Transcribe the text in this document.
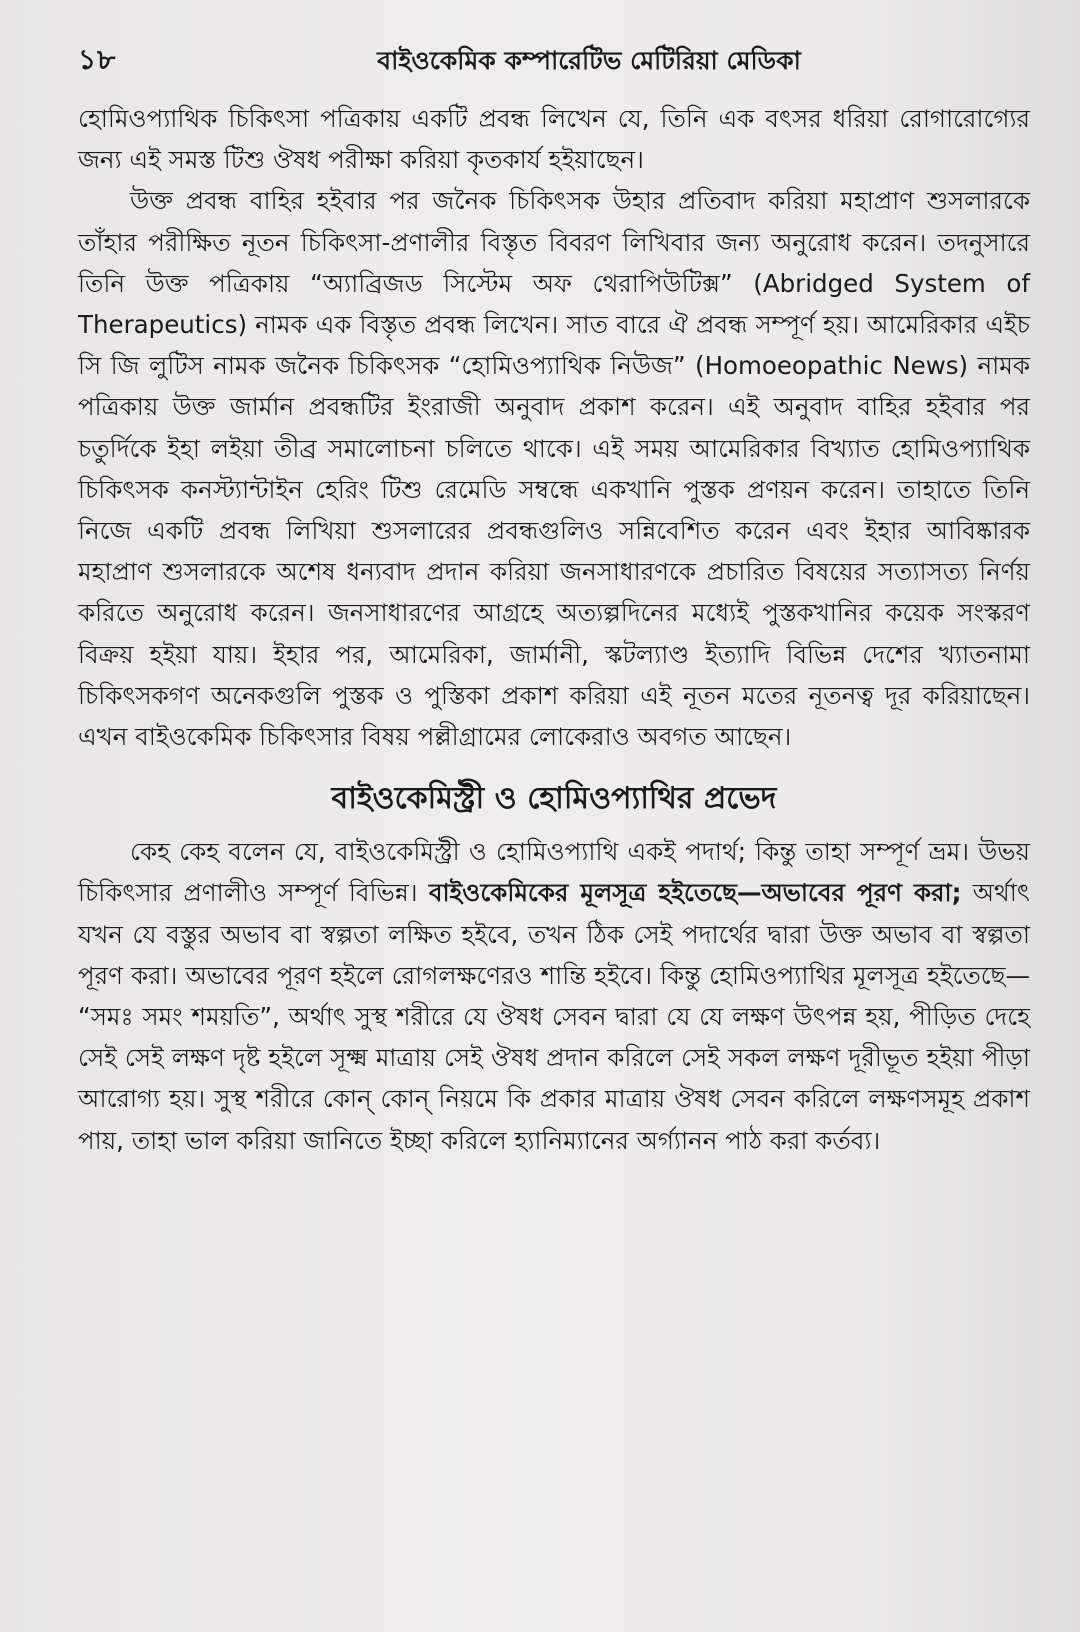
১৮	বাইওকেমিক কম্পারেটিভ মেটিরিয়া মেডিকা

হোমিওপ্যাথিক চিকিৎসা পত্রিকায় একটি প্রবন্ধ লিখেন যে, তিনি এক বৎসর ধরিয়া রোগারোগ্যের জন্য এই সমস্ত টিশু ঔষধ পরীক্ষা করিয়া কৃতকার্য হইয়াছেন।

উক্ত প্রবন্ধ বাহির হইবার পর জনৈক চিকিৎসক উহার প্রতিবাদ করিয়া মহাপ্রাণ শুসলারকে তাঁহার পরীক্ষিত নূতন চিকিৎসা-প্রণালীর বিস্তৃত বিবরণ লিখিবার জন্য অনুরোধ করেন। তদনুসারে তিনি উক্ত পত্রিকায় “অ্যাব্রিজড সিস্টেম অফ থেরাপিউটিক্স” (Abridged System of Therapeutics) নামক এক বিস্তৃত প্রবন্ধ লিখেন। সাত বারে ঐ প্রবন্ধ সম্পূর্ণ হয়। আমেরিকার এইচ সি জি লুটিস নামক জনৈক চিকিৎসক “হোমিওপ্যাথিক নিউজ” (Homoeopathic News) নামক পত্রিকায় উক্ত জার্মান প্রবন্ধটির ইংরাজী অনুবাদ প্রকাশ করেন। এই অনুবাদ বাহির হইবার পর চতুর্দিকে ইহা লইয়া তীব্র সমালোচনা চলিতে থাকে। এই সময় আমেরিকার বিখ্যাত হোমিওপ্যাথিক চিকিৎসক কনস্ট্যান্টাইন হেরিং টিশু রেমেডি সম্বন্ধে একখানি পুস্তক প্রণয়ন করেন। তাহাতে তিনি নিজে একটি প্রবন্ধ লিখিয়া শুসলারের প্রবন্ধগুলিও সন্নিবেশিত করেন এবং ইহার আবিষ্কারক মহাপ্রাণ শুসলারকে অশেষ ধন্যবাদ প্রদান করিয়া জনসাধারণকে প্রচারিত বিষয়ের সত্যাসত্য নির্ণয় করিতে অনুরোধ করেন। জনসাধারণের আগ্রহে অত্যল্পদিনের মধ্যেই পুস্তকখানির কয়েক সংস্করণ বিক্রয় হইয়া যায়। ইহার পর, আমেরিকা, জার্মানী, স্কটল্যাণ্ড ইত্যাদি বিভিন্ন দেশের খ্যাতনামা চিকিৎসকগণ অনেকগুলি পুস্তক ও পুস্তিকা প্রকাশ করিয়া এই নূতন মতের নূতনত্ব দূর করিয়াছেন। এখন বাইওকেমিক চিকিৎসার বিষয় পল্লীগ্রামের লোকেরাও অবগত আছেন।

বাইওকেমিস্ট্রী ও হোমিওপ্যাথির প্রভেদ

কেহ কেহ বলেন যে, বাইওকেমিস্ট্রী ও হোমিওপ্যাথি একই পদার্থ; কিন্তু তাহা সম্পূর্ণ ভ্রম। উভয় চিকিৎসার প্রণালীও সম্পূর্ণ বিভিন্ন। বাইওকেমিকের মূলসূত্র হইতেছে—অভাবের পূরণ করা; অর্থাৎ যখন যে বস্তুর অভাব বা স্বল্পতা লক্ষিত হইবে, তখন ঠিক সেই পদার্থের দ্বারা উক্ত অভাব বা স্বল্পতা পূরণ করা। অভাবের পূরণ হইলে রোগলক্ষণেরও শান্তি হইবে। কিন্তু হোমিওপ্যাথির মূলসূত্র হইতেছে— “সমঃ সমং শময়তি”, অর্থাৎ সুস্থ শরীরে যে ঔষধ সেবন দ্বারা যে যে লক্ষণ উৎপন্ন হয়, পীড়িত দেহে সেই সেই লক্ষণ দৃষ্ট হইলে সূক্ষ্ম মাত্রায় সেই ঔষধ প্রদান করিলে সেই সকল লক্ষণ দূরীভূত হইয়া পীড়া আরোগ্য হয়। সুস্থ শরীরে কোন্ কোন্ নিয়মে কি প্রকার মাত্রায় ঔষধ সেবন করিলে লক্ষণসমূহ প্রকাশ পায়, তাহা ভাল করিয়া জানিতে ইচ্ছা করিলে হ্যানিম্যানের অর্গ্যানন পাঠ করা কর্তব্য।
